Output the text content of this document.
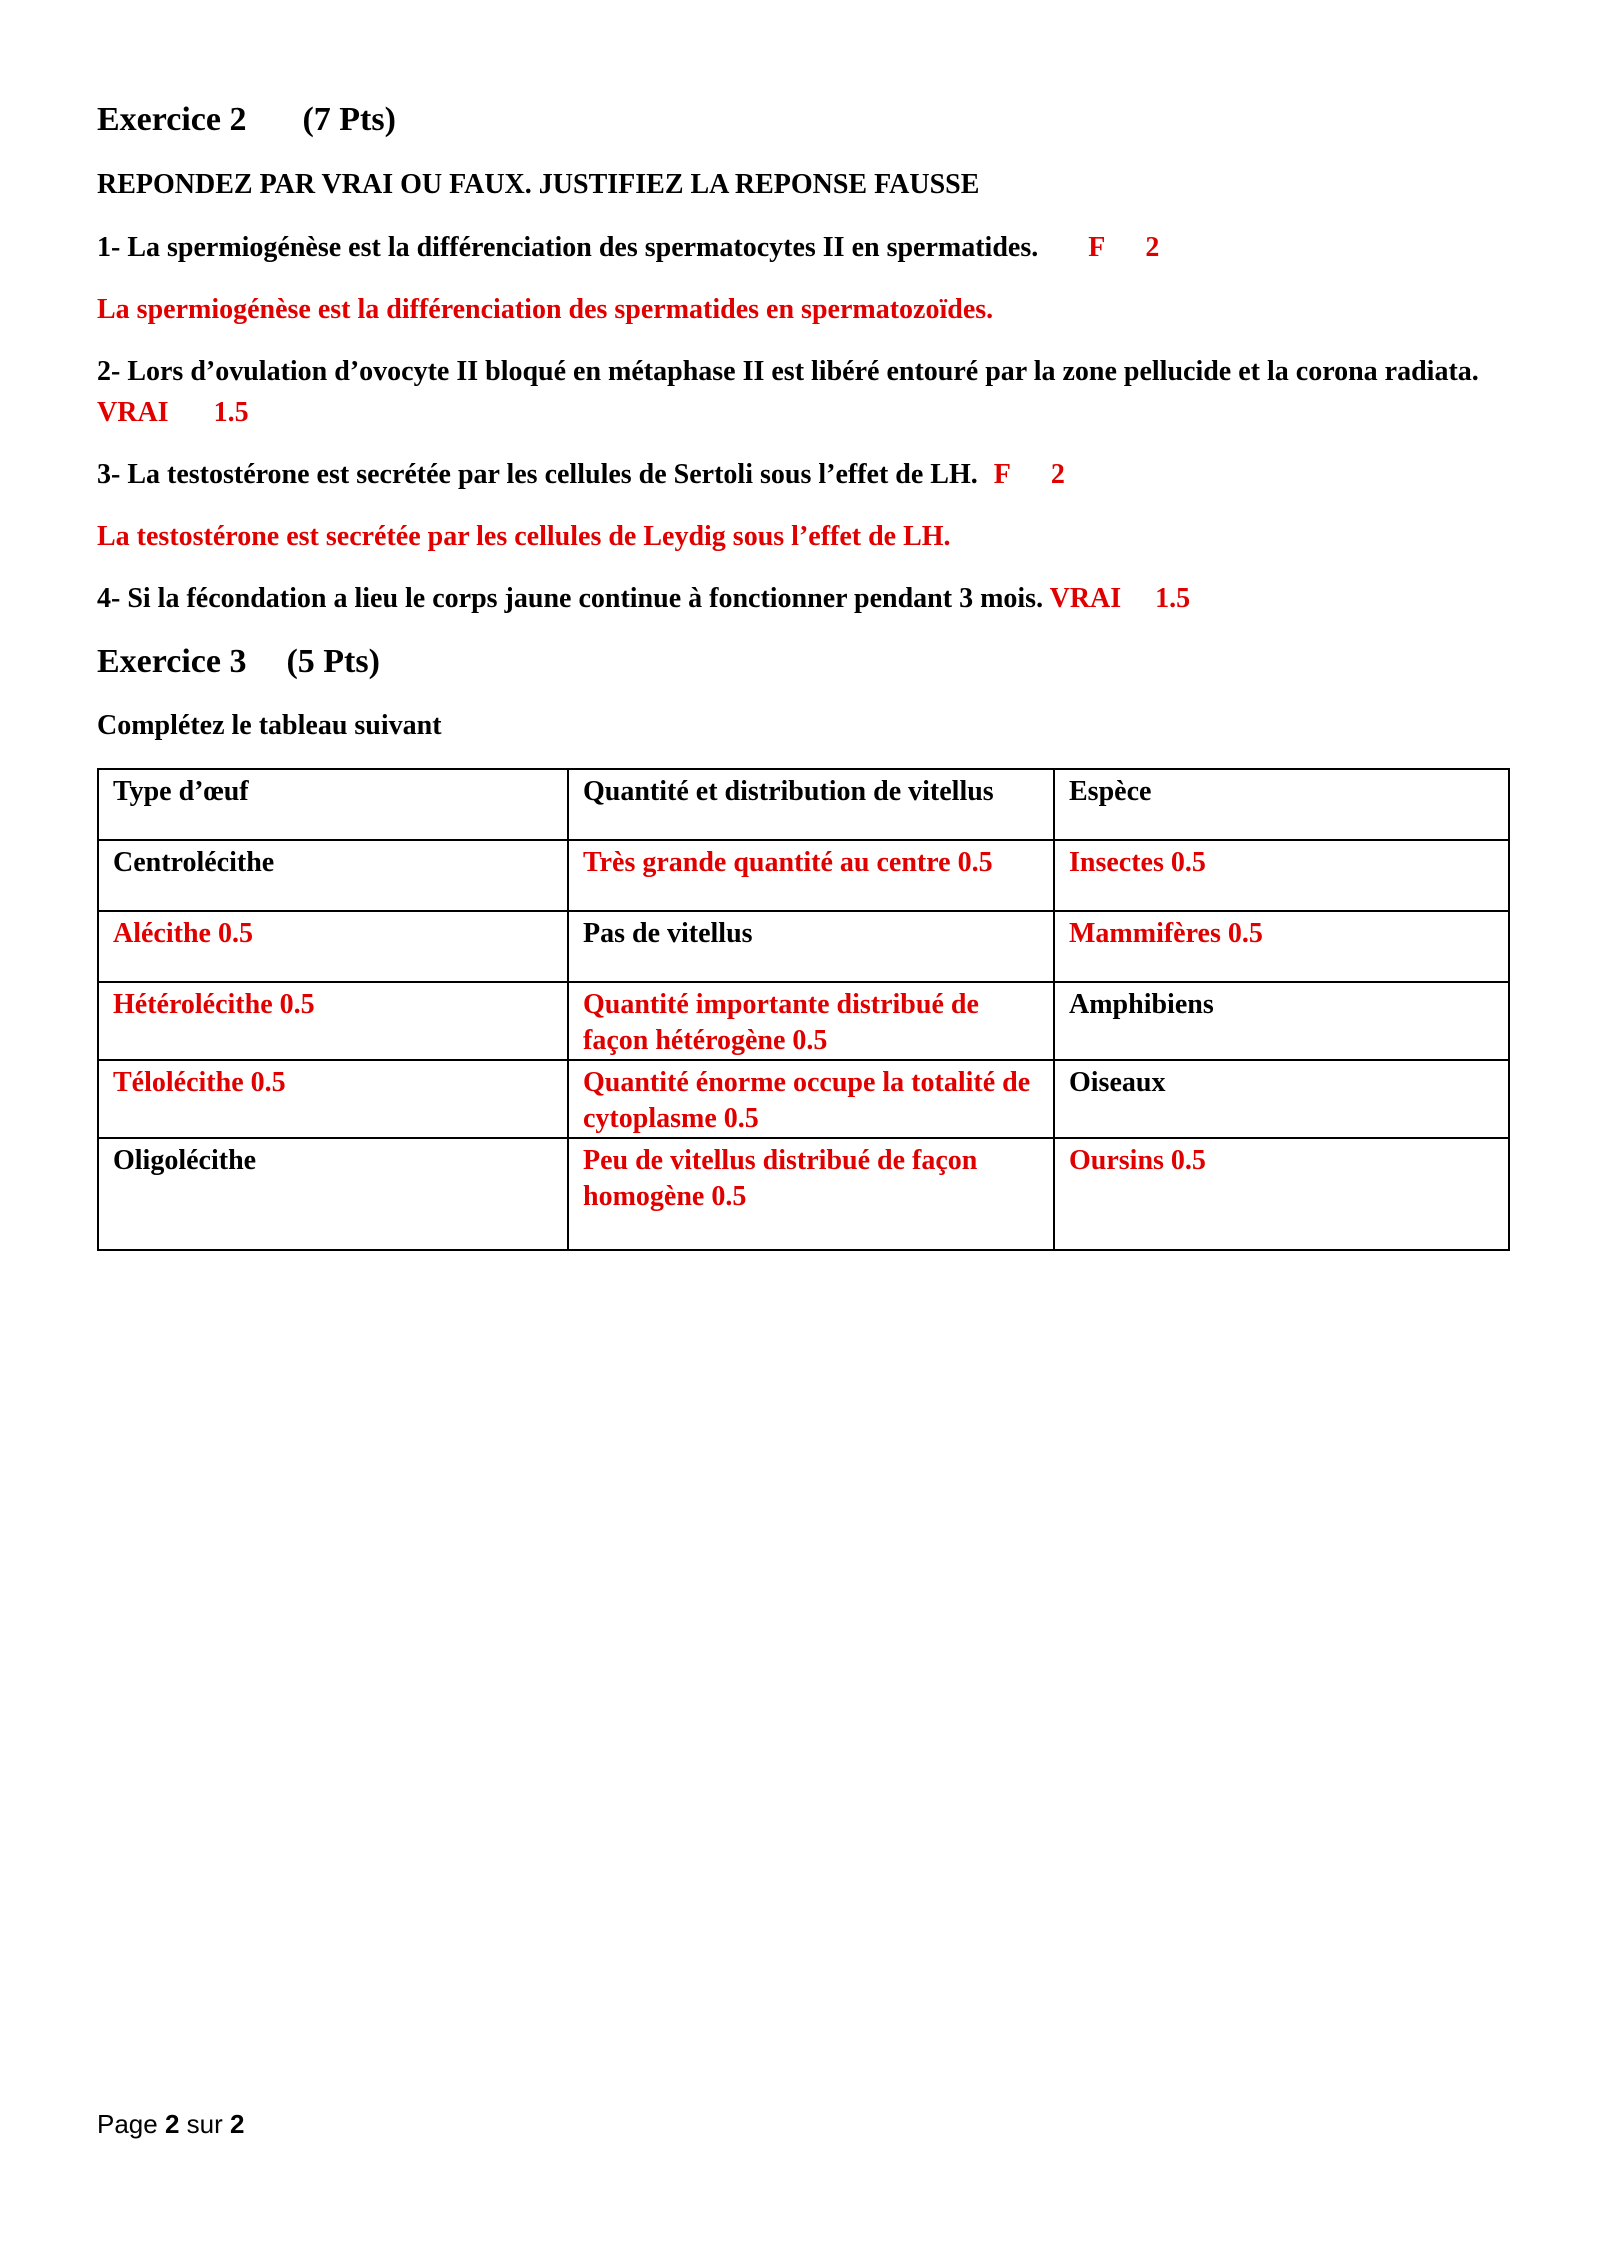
Exercice 2 (7 Pts)
REPONDEZ PAR VRAI OU FAUX. JUSTIFIEZ LA REPONSE FAUSSE
1- La spermiogénèse est la différenciation des spermatocytes II en spermatides. F 2
La spermiogénèse est la différenciation des spermatides en spermatozoïdes.
2- Lors d’ovulation d’ovocyte II bloqué en métaphase II est libéré entouré par la zone pellucide et la corona radiata. VRAI 1.5
3- La testostérone est secrétée par les cellules de Sertoli sous l’effet de LH. F 2
La testostérone est secrétée par les cellules de Leydig sous l’effet de LH.
4- Si la fécondation a lieu le corps jaune continue à fonctionner pendant 3 mois. VRAI 1.5
Exercice 3 (5 Pts)
Complétez le tableau suivant
Type d’œuf	Quantité et distribution de vitellus	Espèce
Centrolécithe	Très grande quantité au centre 0.5	Insectes 0.5
Alécithe 0.5	Pas de vitellus	Mammifères 0.5
Hétérolécithe 0.5	Quantité importante distribué de façon hétérogène 0.5	Amphibiens
Télolécithe 0.5	Quantité énorme occupe la totalité de cytoplasme 0.5	Oiseaux
Oligolécithe	Peu de vitellus distribué de façon homogène 0.5	Oursins 0.5
Page 2 sur 2
